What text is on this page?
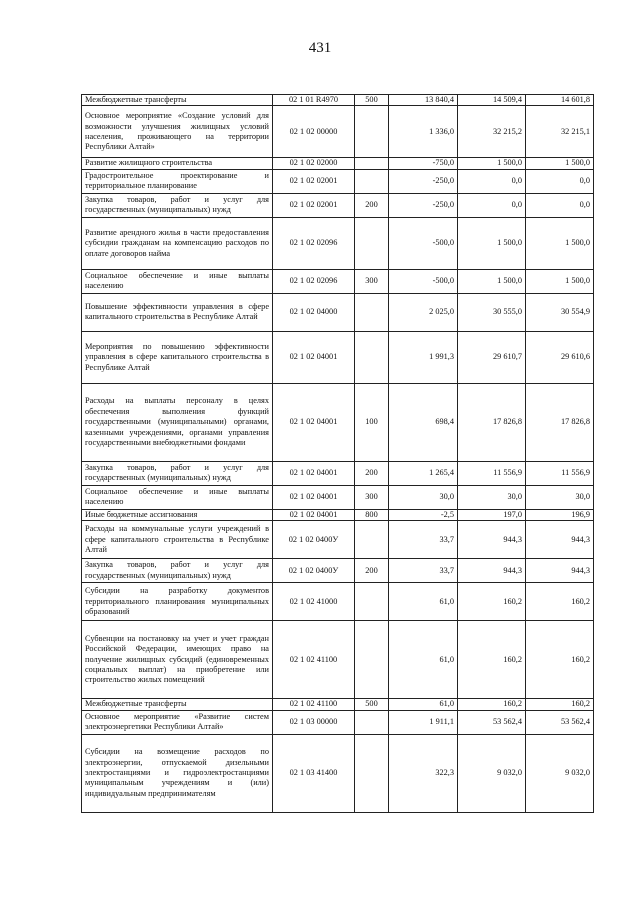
431
Межбюджетные трансферты	02 1 01 R4970	500	13 840,4	14 509,4	14 601,8
Основное мероприятие «Создание условий для возможности улучшения жилищных условий населения, проживающего на территории Республики Алтай»	02 1 02 00000		1 336,0	32 215,2	32 215,1
Развитие жилищного строительства	02 1 02 02000		-750,0	1 500,0	1 500,0
Градостроительное проектирование и территориальное планирование	02 1 02 02001		-250,0	0,0	0,0
Закупка товаров, работ и услуг для государственных (муниципальных) нужд	02 1 02 02001	200	-250,0	0,0	0,0
Развитие арендного жилья в части предоставления субсидии гражданам на компенсацию расходов по оплате договоров найма	02 1 02 02096		-500,0	1 500,0	1 500,0
Социальное обеспечение и иные выплаты населению	02 1 02 02096	300	-500,0	1 500,0	1 500,0
Повышение эффективности управления в сфере капитального строительства в Республике Алтай	02 1 02 04000		2 025,0	30 555,0	30 554,9
Мероприятия по повышению эффективности управления в сфере капитального строительства в Республике Алтай	02 1 02 04001		1 991,3	29 610,7	29 610,6
Расходы на выплаты персоналу в целях обеспечения выполнения функций государственными (муниципальными) органами, казенными учреждениями, органами управления государственными внебюджетными фондами	02 1 02 04001	100	698,4	17 826,8	17 826,8
Закупка товаров, работ и услуг для государственных (муниципальных) нужд	02 1 02 04001	200	1 265,4	11 556,9	11 556,9
Социальное обеспечение и иные выплаты населению	02 1 02 04001	300	30,0	30,0	30,0
Иные бюджетные ассигнования	02 1 02 04001	800	-2,5	197,0	196,9
Расходы на коммунальные услуги учреждений в сфере капитального строительства в Республике Алтай	02 1 02 0400У		33,7	944,3	944,3
Закупка товаров, работ и услуг для государственных (муниципальных) нужд	02 1 02 0400У	200	33,7	944,3	944,3
Субсидии на разработку документов территориального планирования муниципальных образований	02 1 02 41000		61,0	160,2	160,2
Субвенции на постановку на учет и учет граждан Российской Федерации, имеющих право на получение жилищных субсидий (единовременных социальных выплат) на приобретение или строительство жилых помещений	02 1 02 41100		61,0	160,2	160,2
Межбюджетные трансферты	02 1 02 41100	500	61,0	160,2	160,2
Основное мероприятие «Развитие систем электроэнергетики Республики Алтай»	02 1 03 00000		1 911,1	53 562,4	53 562,4
Субсидии на возмещение расходов по электроэнергии, отпускаемой дизельными электростанциями и гидроэлектростанциями муниципальным учреждениям и (или) индивидуальным предпринимателям	02 1 03 41400		322,3	9 032,0	9 032,0
